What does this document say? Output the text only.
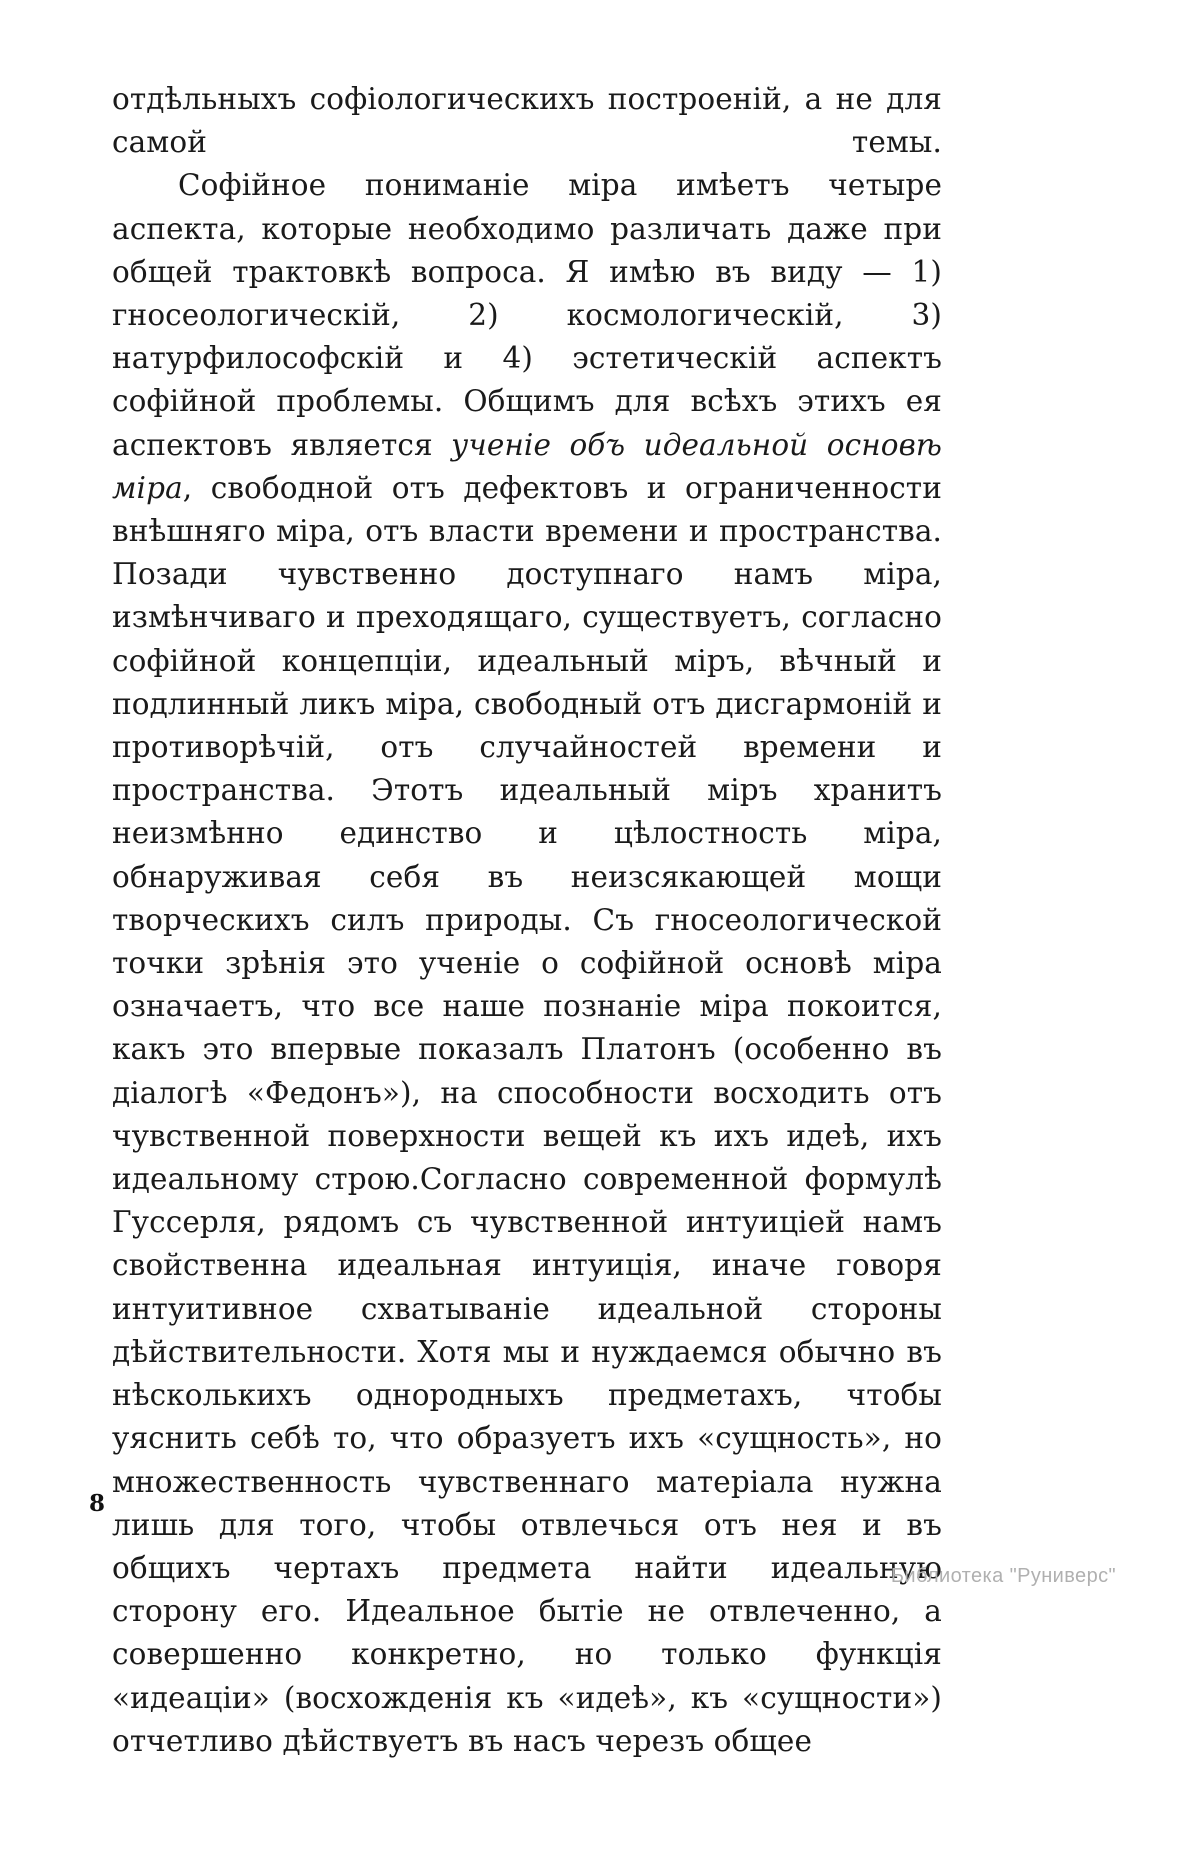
отдѣльныхъ софiологическихъ построенiй, а не для самой темы.

Софiйное пониманiе мiра имѣетъ четыре аспекта, которые необходимо различать даже при общей трактовкѣ вопроса. Я имѣю въ виду — 1) гносеологическiй, 2) космологическiй, 3) натурфилософскiй и 4) эстетическiй аспектъ софiйной проблемы. Общимъ для всѣхъ этихъ ея аспектовъ является ученiе объ идеальной основѣ мiра, свободной отъ дефектовъ и ограниченности внѣшняго мiра, отъ власти времени и пространства. Позади чувственно доступнаго намъ мiра, измѣнчиваго и преходящаго, существуетъ, согласно софiйной концепцiи, идеальный мiръ, вѣчный и подлинный ликъ мiра, свободный отъ дисгармонiй и противорѣчiй, отъ случайностей времени и пространства. Этотъ идеальный мiръ хранитъ неизмѣнно единство и цѣлостность мiра, обнаруживая себя въ неизсякающей мощи творческихъ силъ природы. Съ гносеологической точки зрѣнiя это ученiе о софiйной основѣ мiра означаетъ, что все наше познанiе мiра покоится, какъ это впервые показалъ Платонъ (особенно въ дiалогѣ «Федонъ»), на способности восходить отъ чувственной поверхности вещей къ ихъ идеѣ, ихъ идеальному строю.Согласно современной формулѣ Гуссерля, рядомъ съ чувственной интуицiей намъ свойственна идеальная интуицiя, иначе говоря интуитивное схватыванiе идеальной стороны дѣйствительности. Хотя мы и нуждаемся обычно въ нѣсколькихъ однородныхъ предметахъ, чтобы уяснить себѣ то, что образуетъ ихъ «сущность», но множественность чувственнаго матерiала нужна лишь для того, чтобы отвлечься отъ нея и въ общихъ чертахъ предмета найти идеальную сторону его. Идеальное бытiе не отвлеченно, а совершенно конкретно, но только функцiя «идеацiи» (восхожденiя къ «идеѣ», къ «сущности») отчетливо дѣйствуетъ въ насъ черезъ общее

8
Библиотека "Руниверс"
